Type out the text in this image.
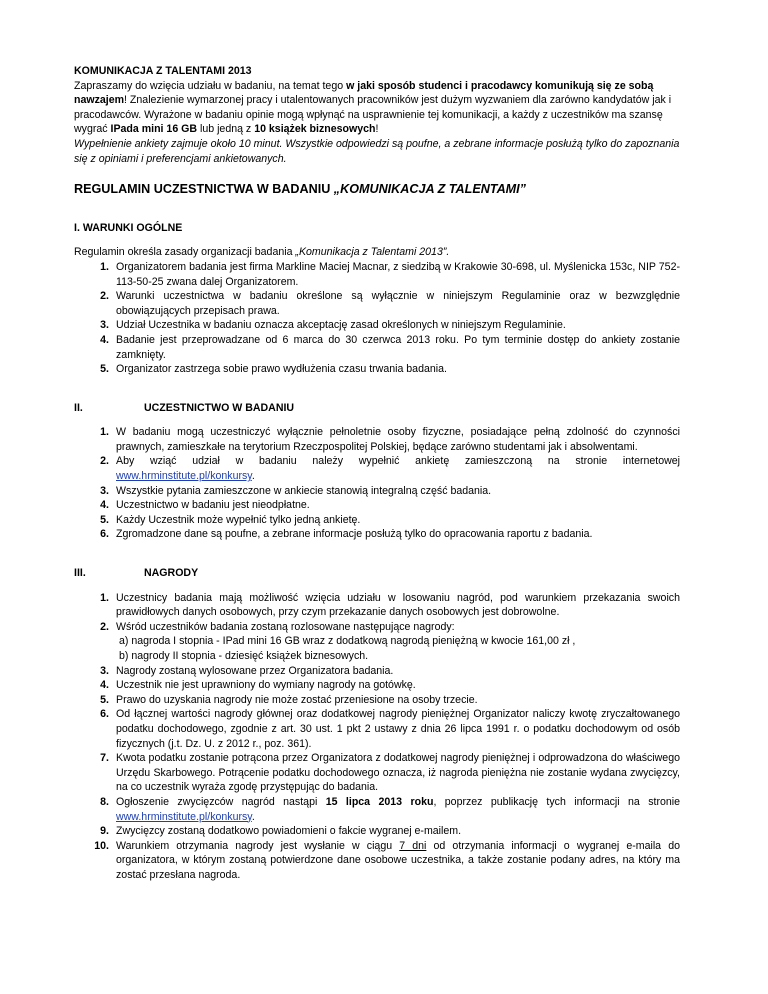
KOMUNIKACJA Z TALENTAMI 2013

Zapraszamy do wzięcia udziału w badaniu, na temat tego w jaki sposób studenci i pracodawcy komunikują się ze sobą nawzajem! Znalezienie wymarzonej pracy i utalentowanych pracowników jest dużym wyzwaniem dla zarówno kandydatów jak i pracodawców. Wyrażone w badaniu opinie mogą wpłynąć na usprawnienie tej komunikacji, a każdy z uczestników ma szansę wygrać IPada mini 16 GB lub jedną z 10 książek biznesowych!

Wypełnienie ankiety zajmuje około 10 minut. Wszystkie odpowiedzi są poufne, a zebrane informacje posłużą tylko do zapoznania się z opiniami i preferencjami ankietowanych.

REGULAMIN UCZESTNICTWA W BADANIU „KOMUNIKACJA Z TALENTAMI”

I. WARUNKI OGÓLNE

Regulamin określa zasady organizacji badania „Komunikacja z Talentami 2013”.

1. Organizatorem badania jest firma Markline Maciej Macnar, z siedzibą w Krakowie 30-698, ul. Myślenicka 153c, NIP 752-113-50-25 zwana dalej Organizatorem.
2. Warunki uczestnictwa w badaniu określone są wyłącznie w niniejszym Regulaminie oraz w bezwzględnie obowiązujących przepisach prawa.
3. Udział Uczestnika w badaniu oznacza akceptację zasad określonych w niniejszym Regulaminie.
4. Badanie jest przeprowadzane od 6 marca do 30 czerwca 2013 roku. Po tym terminie dostęp do ankiety zostanie zamknięty.
5. Organizator zastrzega sobie prawo wydłużenia czasu trwania badania.
II.	UCZESTNICTWO W BADANIU
1. W badaniu mogą uczestniczyć wyłącznie pełnoletnie osoby fizyczne, posiadające pełną zdolność do czynności prawnych, zamieszkałe na terytorium Rzeczpospolitej Polskiej, będące zarówno studentami jak i absolwentami.
2. Aby wziąć udział w badaniu należy wypełnić ankietę zamieszczoną na stronie internetowej www.hrminstitute.pl/konkursy.
3. Wszystkie pytania zamieszczone w ankiecie stanowią integralną część badania.
4. Uczestnictwo w badaniu jest nieodpłatne.
5. Każdy Uczestnik może wypełnić tylko jedną ankietę.
6. Zgromadzone dane są poufne, a zebrane informacje posłużą tylko do opracowania raportu z badania.
III.	NAGRODY
1. Uczestnicy badania mają możliwość wzięcia udziału w losowaniu nagród, pod warunkiem przekazania swoich prawidłowych danych osobowych, przy czym przekazanie danych osobowych jest dobrowolne.
2. Wśród uczestników badania zostaną rozlosowane następujące nagrody:
a) nagroda I stopnia - IPad mini 16 GB wraz z dodatkową nagrodą pieniężną w kwocie 161,00 zł ,
b) nagrody II stopnia - dziesięć książek biznesowych.
3. Nagrody zostaną wylosowane przez Organizatora badania.
4. Uczestnik nie jest uprawniony do wymiany nagrody na gotówkę.
5. Prawo do uzyskania nagrody nie może zostać przeniesione na osoby trzecie.
6. Od łącznej wartości nagrody głównej oraz dodatkowej nagrody pieniężnej Organizator naliczy kwotę zryczałtowanego podatku dochodowego, zgodnie z art. 30 ust. 1 pkt 2 ustawy z dnia 26 lipca 1991 r. o podatku dochodowym od osób fizycznych (j.t. Dz. U. z 2012 r., poz. 361).
7. Kwota podatku zostanie potrącona przez Organizatora z dodatkowej nagrody pieniężnej i odprowadzona do właściwego Urzędu Skarbowego. Potrącenie podatku dochodowego oznacza, iż nagroda pieniężna nie zostanie wydana zwycięzcy, na co uczestnik wyraża zgodę przystępując do badania.
8. Ogłoszenie zwycięzców nagród nastąpi 15 lipca 2013 roku, poprzez publikację tych informacji na stronie www.hrminstitute.pl/konkursy.
9. Zwycięzcy zostaną dodatkowo powiadomieni o fakcie wygranej e-mailem.
10. Warunkiem otrzymania nagrody jest wysłanie w ciągu 7 dni od otrzymania informacji o wygranej e-maila do organizatora, w którym zostaną potwierdzone dane osobowe uczestnika, a także zostanie podany adres, na który ma zostać przesłana nagroda.
